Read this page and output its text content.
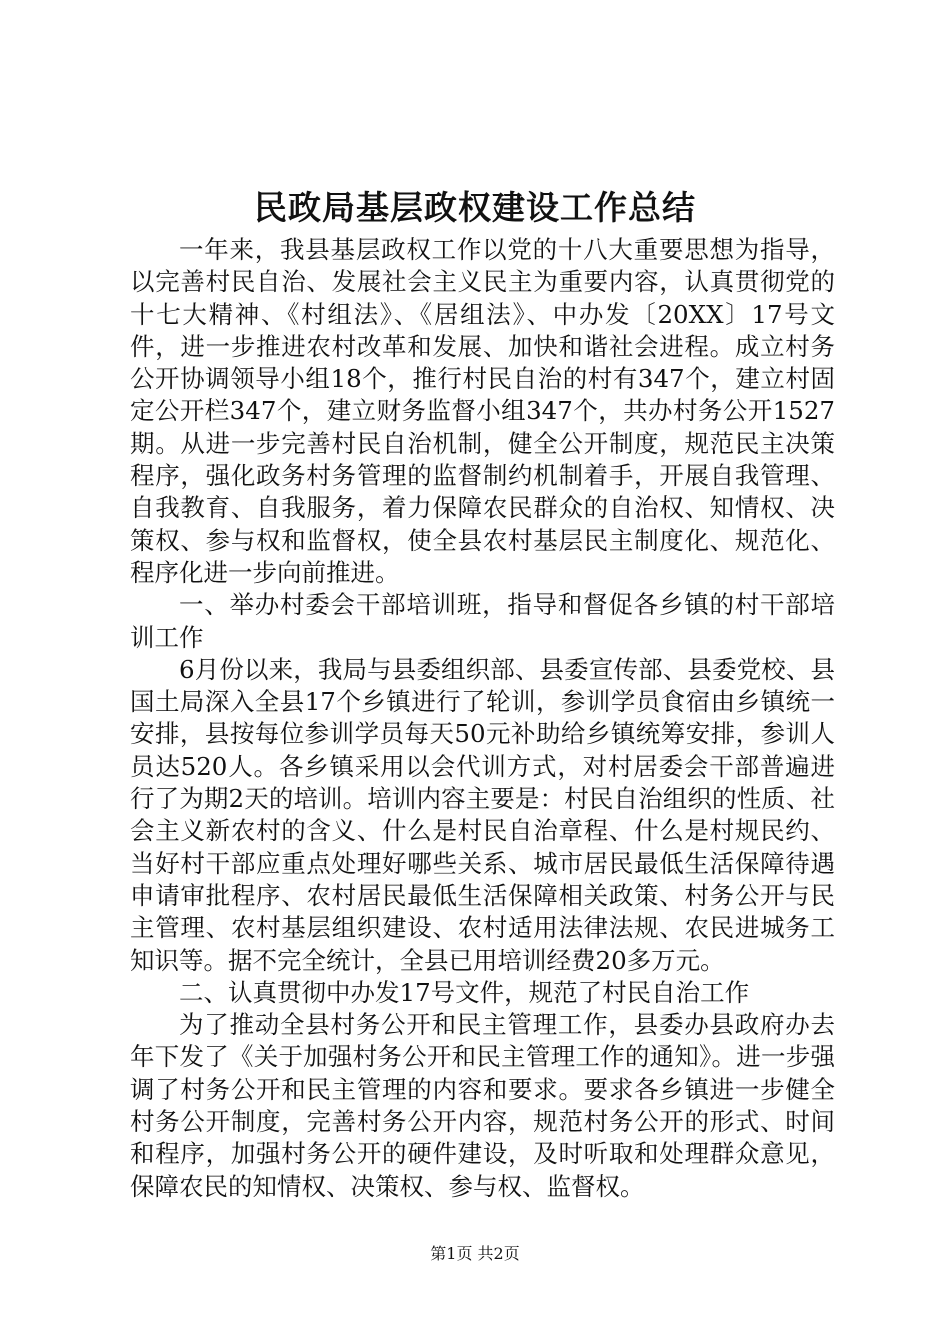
民政局基层政权建设工作总结

一年来，我县基层政权工作以党的十八大重要思想为指导，以完善村民自治、发展社会主义民主为重要内容，认真贯彻党的十七大精神、《村组法》、《居组法》、中办发〔20XX〕17号文件，进一步推进农村改革和发展、加快和谐社会进程。成立村务公开协调领导小组18个，推行村民自治的村有347个，建立村固定公开栏347个，建立财务监督小组347个，共办村务公开1527期。从进一步完善村民自治机制，健全公开制度，规范民主决策程序，强化政务村务管理的监督制约机制着手，开展自我管理、自我教育、自我服务，着力保障农民群众的自治权、知情权、决策权、参与权和监督权，使全县农村基层民主制度化、规范化、程序化进一步向前推进。

一、举办村委会干部培训班，指导和督促各乡镇的村干部培训工作

6月份以来，我局与县委组织部、县委宣传部、县委党校、县国土局深入全县17个乡镇进行了轮训，参训学员食宿由乡镇统一安排，县按每位参训学员每天50元补助给乡镇统筹安排，参训人员达520人。各乡镇采用以会代训方式，对村居委会干部普遍进行了为期2天的培训。培训内容主要是：村民自治组织的性质、社会主义新农村的含义、什么是村民自治章程、什么是村规民约、当好村干部应重点处理好哪些关系、城市居民最低生活保障待遇申请审批程序、农村居民最低生活保障相关政策、村务公开与民主管理、农村基层组织建设、农村适用法律法规、农民进城务工知识等。据不完全统计，全县已用培训经费20多万元。

二、认真贯彻中办发17号文件，规范了村民自治工作

为了推动全县村务公开和民主管理工作，县委办县政府办去年下发了《关于加强村务公开和民主管理工作的通知》。进一步强调了村务公开和民主管理的内容和要求。要求各乡镇进一步健全村务公开制度，完善村务公开内容，规范村务公开的形式、时间和程序，加强村务公开的硬件建设，及时听取和处理群众意见，保障农民的知情权、决策权、参与权、监督权。

第1页 共2页
